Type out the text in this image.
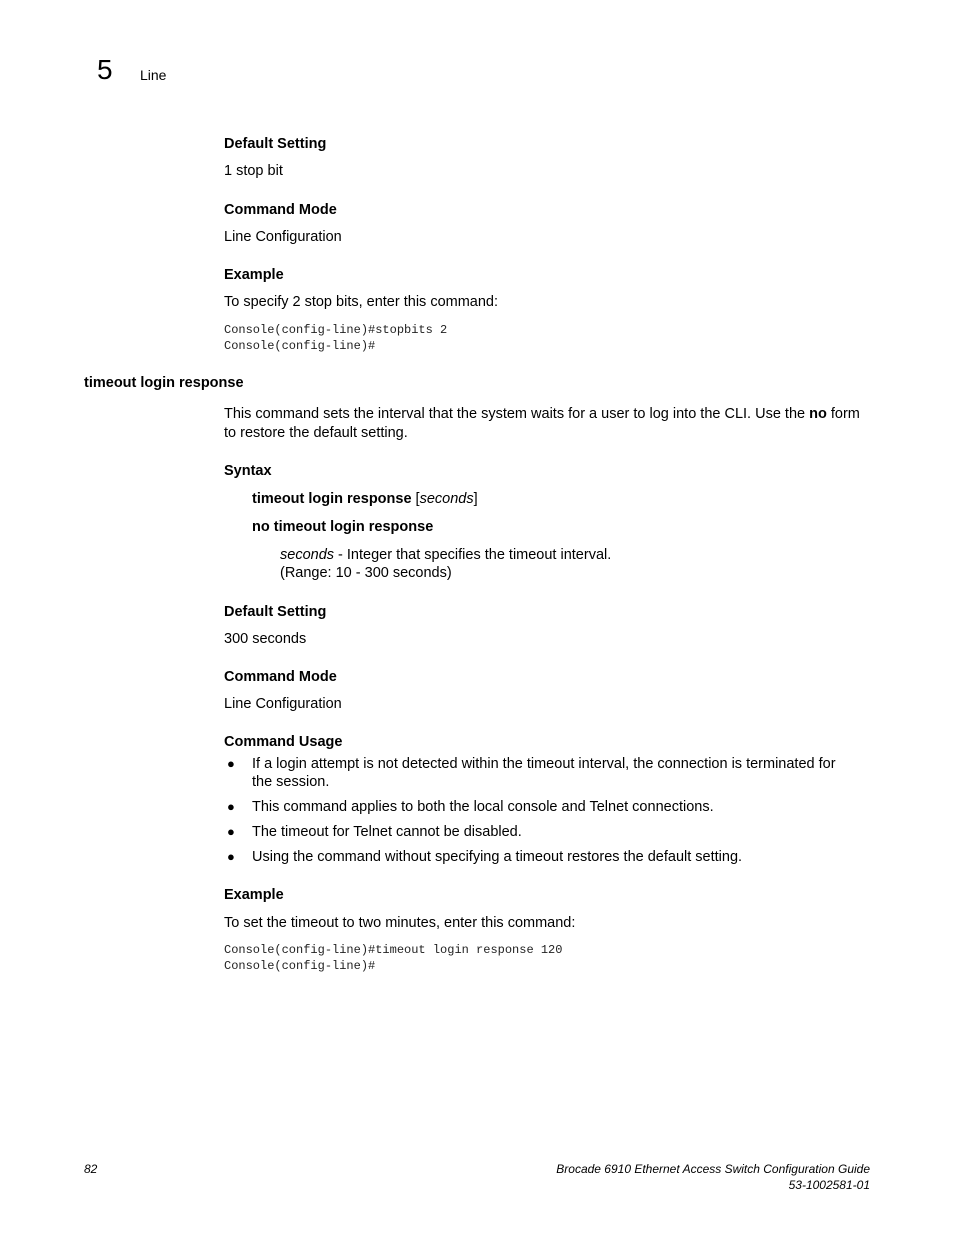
5 Line
Default Setting
1 stop bit
Command Mode
Line Configuration
Example
To specify 2 stop bits, enter this command:
Console(config-line)#stopbits 2
Console(config-line)#
timeout login response
This command sets the interval that the system waits for a user to log into the CLI. Use the no form
to restore the default setting.
Syntax
timeout login response [seconds]
no timeout login response
seconds - Integer that specifies the timeout interval.
(Range: 10 - 300 seconds)
Default Setting
300 seconds
Command Mode
Line Configuration
Command Usage
● If a login attempt is not detected within the timeout interval, the connection is terminated for
the session.
● This command applies to both the local console and Telnet connections.
● The timeout for Telnet cannot be disabled.
● Using the command without specifying a timeout restores the default setting.
Example
To set the timeout to two minutes, enter this command:
Console(config-line)#timeout login response 120
Console(config-line)#
82	Brocade 6910 Ethernet Access Switch Configuration Guide
53-1002581-01
